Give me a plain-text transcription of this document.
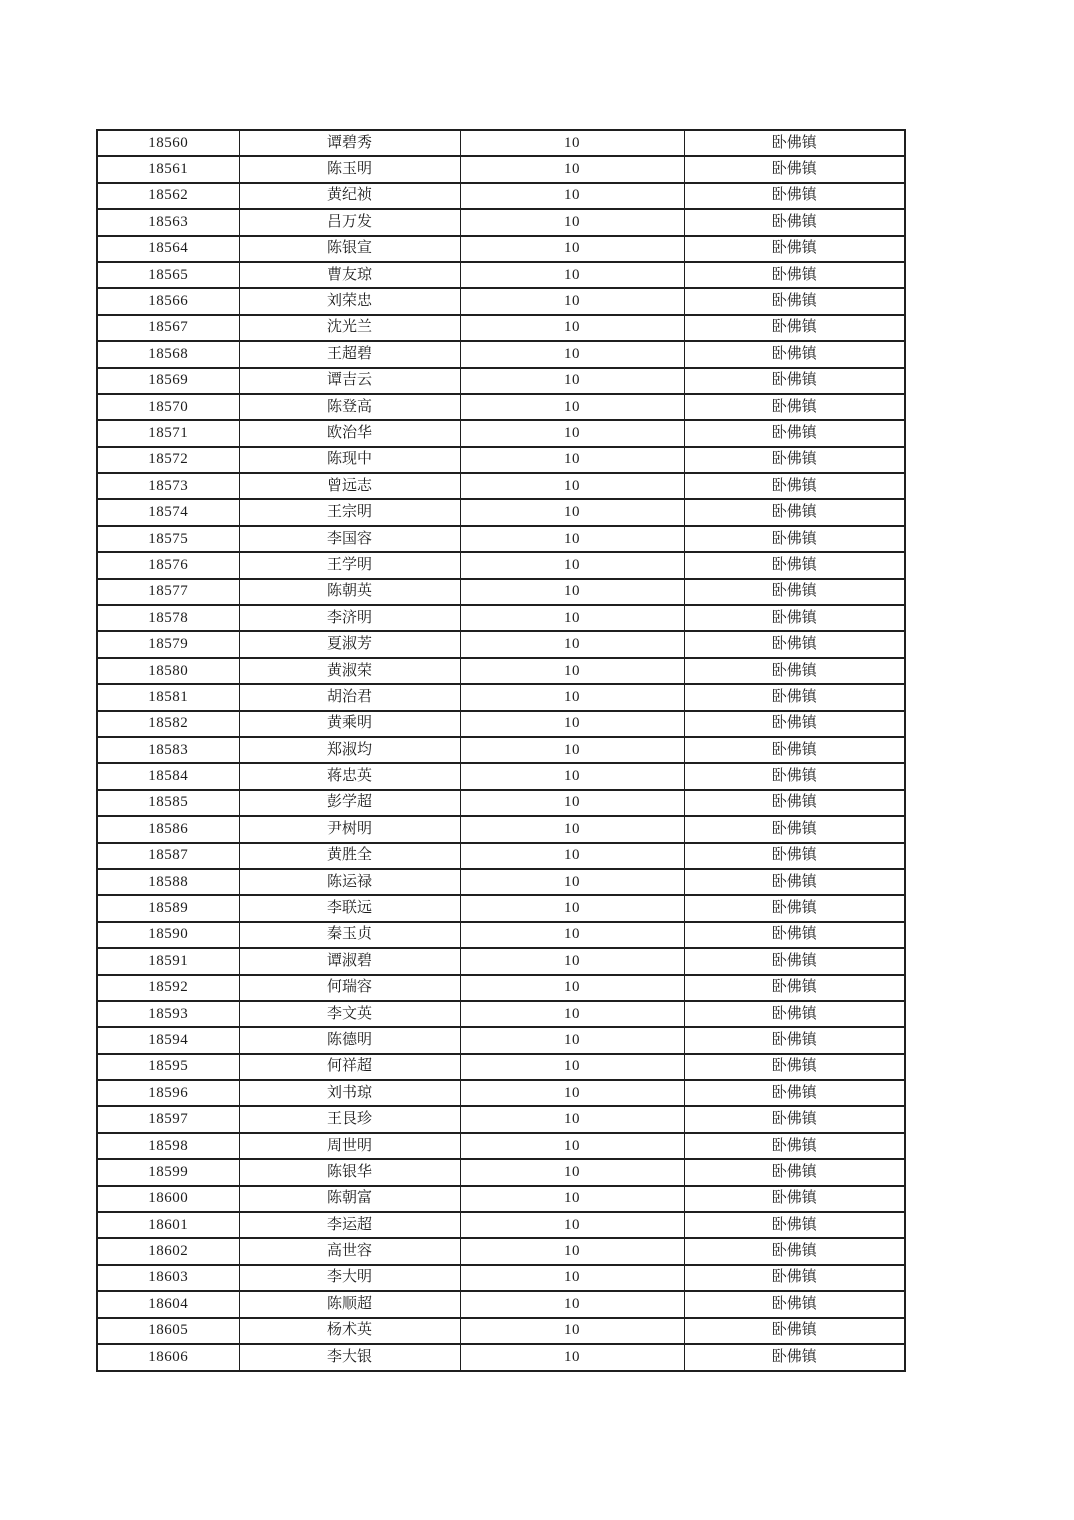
18560	谭碧秀	10	卧佛镇
18561	陈玉明	10	卧佛镇
18562	黄纪祯	10	卧佛镇
18563	吕万发	10	卧佛镇
18564	陈银宣	10	卧佛镇
18565	曹友琼	10	卧佛镇
18566	刘荣忠	10	卧佛镇
18567	沈光兰	10	卧佛镇
18568	王超碧	10	卧佛镇
18569	谭吉云	10	卧佛镇
18570	陈登高	10	卧佛镇
18571	欧治华	10	卧佛镇
18572	陈现中	10	卧佛镇
18573	曾远志	10	卧佛镇
18574	王宗明	10	卧佛镇
18575	李国容	10	卧佛镇
18576	王学明	10	卧佛镇
18577	陈朝英	10	卧佛镇
18578	李济明	10	卧佛镇
18579	夏淑芳	10	卧佛镇
18580	黄淑荣	10	卧佛镇
18581	胡治君	10	卧佛镇
18582	黄乘明	10	卧佛镇
18583	郑淑均	10	卧佛镇
18584	蒋忠英	10	卧佛镇
18585	彭学超	10	卧佛镇
18586	尹树明	10	卧佛镇
18587	黄胜全	10	卧佛镇
18588	陈运禄	10	卧佛镇
18589	李联远	10	卧佛镇
18590	秦玉贞	10	卧佛镇
18591	谭淑碧	10	卧佛镇
18592	何瑞容	10	卧佛镇
18593	李文英	10	卧佛镇
18594	陈德明	10	卧佛镇
18595	何祥超	10	卧佛镇
18596	刘书琼	10	卧佛镇
18597	王艮珍	10	卧佛镇
18598	周世明	10	卧佛镇
18599	陈银华	10	卧佛镇
18600	陈朝富	10	卧佛镇
18601	李运超	10	卧佛镇
18602	高世容	10	卧佛镇
18603	李大明	10	卧佛镇
18604	陈顺超	10	卧佛镇
18605	杨术英	10	卧佛镇
18606	李大银	10	卧佛镇
